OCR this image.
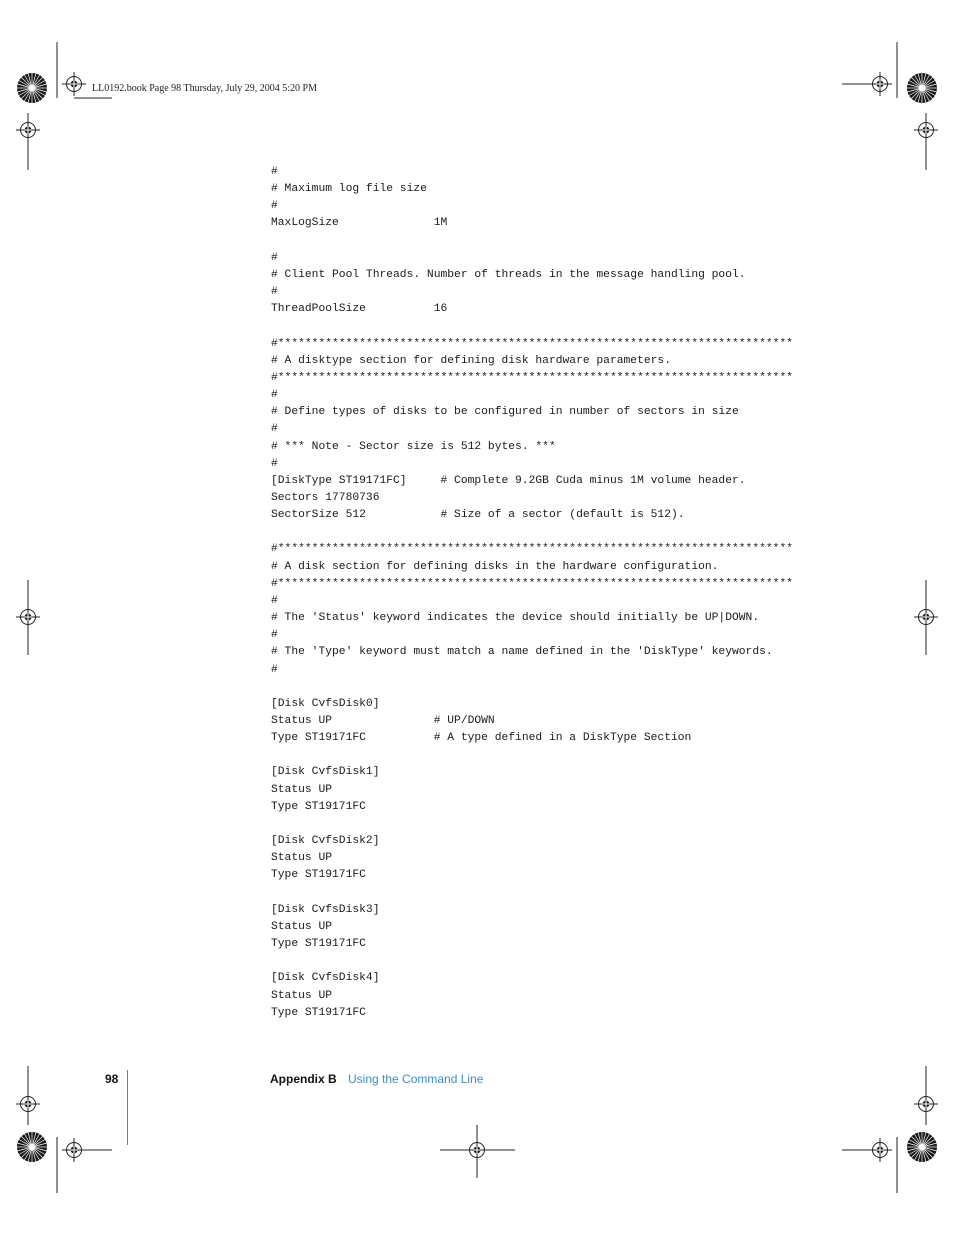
LL0192.book Page 98 Thursday, July 29, 2004 5:20 PM
#
# Maximum log file size
#
MaxLogSize              1M
#
# Client Pool Threads. Number of threads in the message handling pool.
#
ThreadPoolSize          16
#****************************************************************************
# A disktype section for defining disk hardware parameters.
#****************************************************************************
#
# Define types of disks to be configured in number of sectors in size
#
# *** Note - Sector size is 512 bytes. ***
#
[DiskType ST19171FC]     # Complete 9.2GB Cuda minus 1M volume header.
Sectors 17780736
SectorSize 512           # Size of a sector (default is 512).
#****************************************************************************
# A disk section for defining disks in the hardware configuration.
#****************************************************************************
#
# The 'Status' keyword indicates the device should initially be UP|DOWN.
#
# The 'Type' keyword must match a name defined in the 'DiskType' keywords.
#
[Disk CvfsDisk0]
Status UP               # UP/DOWN
Type ST19171FC          # A type defined in a DiskType Section
[Disk CvfsDisk1]
Status UP
Type ST19171FC
[Disk CvfsDisk2]
Status UP
Type ST19171FC
[Disk CvfsDisk3]
Status UP
Type ST19171FC
[Disk CvfsDisk4]
Status UP
Type ST19171FC
98	Appendix B Using the Command Line
